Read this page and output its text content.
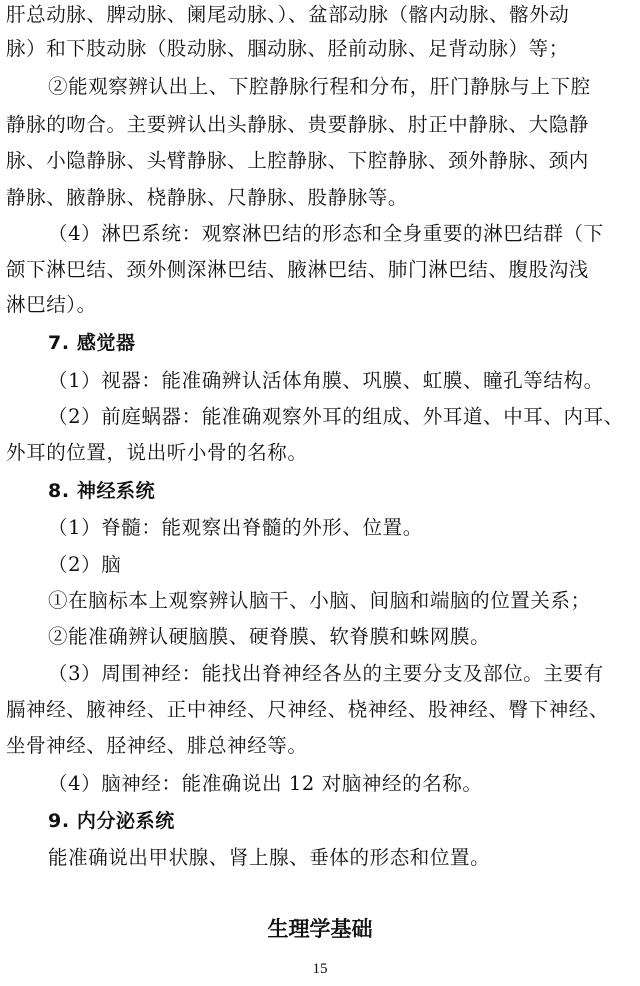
肝总动脉、脾动脉、阑尾动脉、）、盆部动脉（髂内动脉、髂外动
脉）和下肢动脉（股动脉、腘动脉、胫前动脉、足背动脉）等；
②能观察辨认出上、下腔静脉行程和分布，肝门静脉与上下腔
静脉的吻合。主要辨认出头静脉、贵要静脉、肘正中静脉、大隐静
脉、小隐静脉、头臂静脉、上腔静脉、下腔静脉、颈外静脉、颈内
静脉、腋静脉、桡静脉、尺静脉、股静脉等。
（4）淋巴系统：观察淋巴结的形态和全身重要的淋巴结群（下
颌下淋巴结、颈外侧深淋巴结、腋淋巴结、肺门淋巴结、腹股沟浅
淋巴结）。
7. 感觉器
（1）视器：能准确辨认活体角膜、巩膜、虹膜、瞳孔等结构。
（2）前庭蜗器：能准确观察外耳的组成、外耳道、中耳、内耳、
外耳的位置，说出听小骨的名称。
8. 神经系统
（1）脊髓：能观察出脊髓的外形、位置。
（2）脑
①在脑标本上观察辨认脑干、小脑、间脑和端脑的位置关系；
②能准确辨认硬脑膜、硬脊膜、软脊膜和蛛网膜。
（3）周围神经：能找出脊神经各丛的主要分支及部位。主要有
膈神经、腋神经、正中神经、尺神经、桡神经、股神经、臀下神经、
坐骨神经、胫神经、腓总神经等。
（4）脑神经：能准确说出 12 对脑神经的名称。
9. 内分泌系统
能准确说出甲状腺、肾上腺、垂体的形态和位置。
生理学基础
15
